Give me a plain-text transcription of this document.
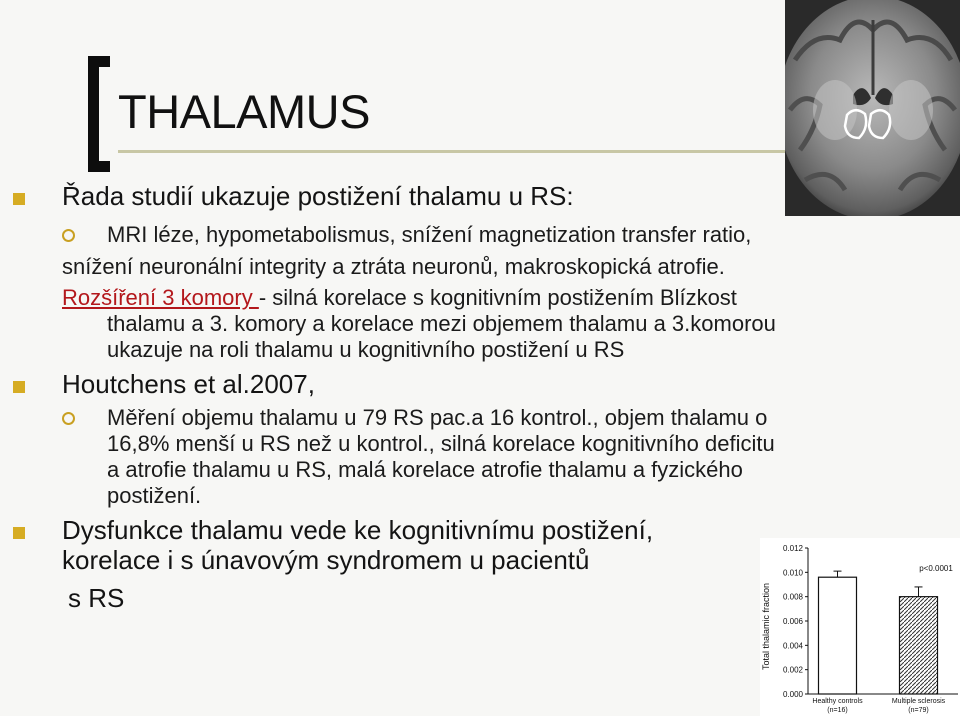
THALAMUS
Řada studií ukazuje postižení thalamu u RS:
MRI léze, hypometabolismus, snížení magnetization transfer ratio,
snížení neuronální integrity a ztráta neuronů, makroskopická atrofie.
Rozšíření 3 komory - silná korelace s kognitivním postižením Blízkost
thalamu a 3. komory a korelace mezi objemem thalamu a 3.komorou
ukazuje na roli thalamu u kognitivního postižení u RS
Houtchens et al.2007,
Měření objemu thalamu u 79 RS pac.a 16 kontrol., objem thalamu o
16,8% menší u RS než u kontrol., silná korelace kognitivního deficitu
a atrofie thalamu u RS, malá korelace atrofie thalamu a fyzického
postižení.
Dysfunkce thalamu vede ke kognitivnímu postižení,
korelace i s únavovým syndromem u pacientů
s RS	Total thalamic fraction
0.000
0.002
0.004
0.006
0.008
0.010
0.012
Healthy controls
(n=16)
Multiple sclerosis
(n=79)
p<0.0001
